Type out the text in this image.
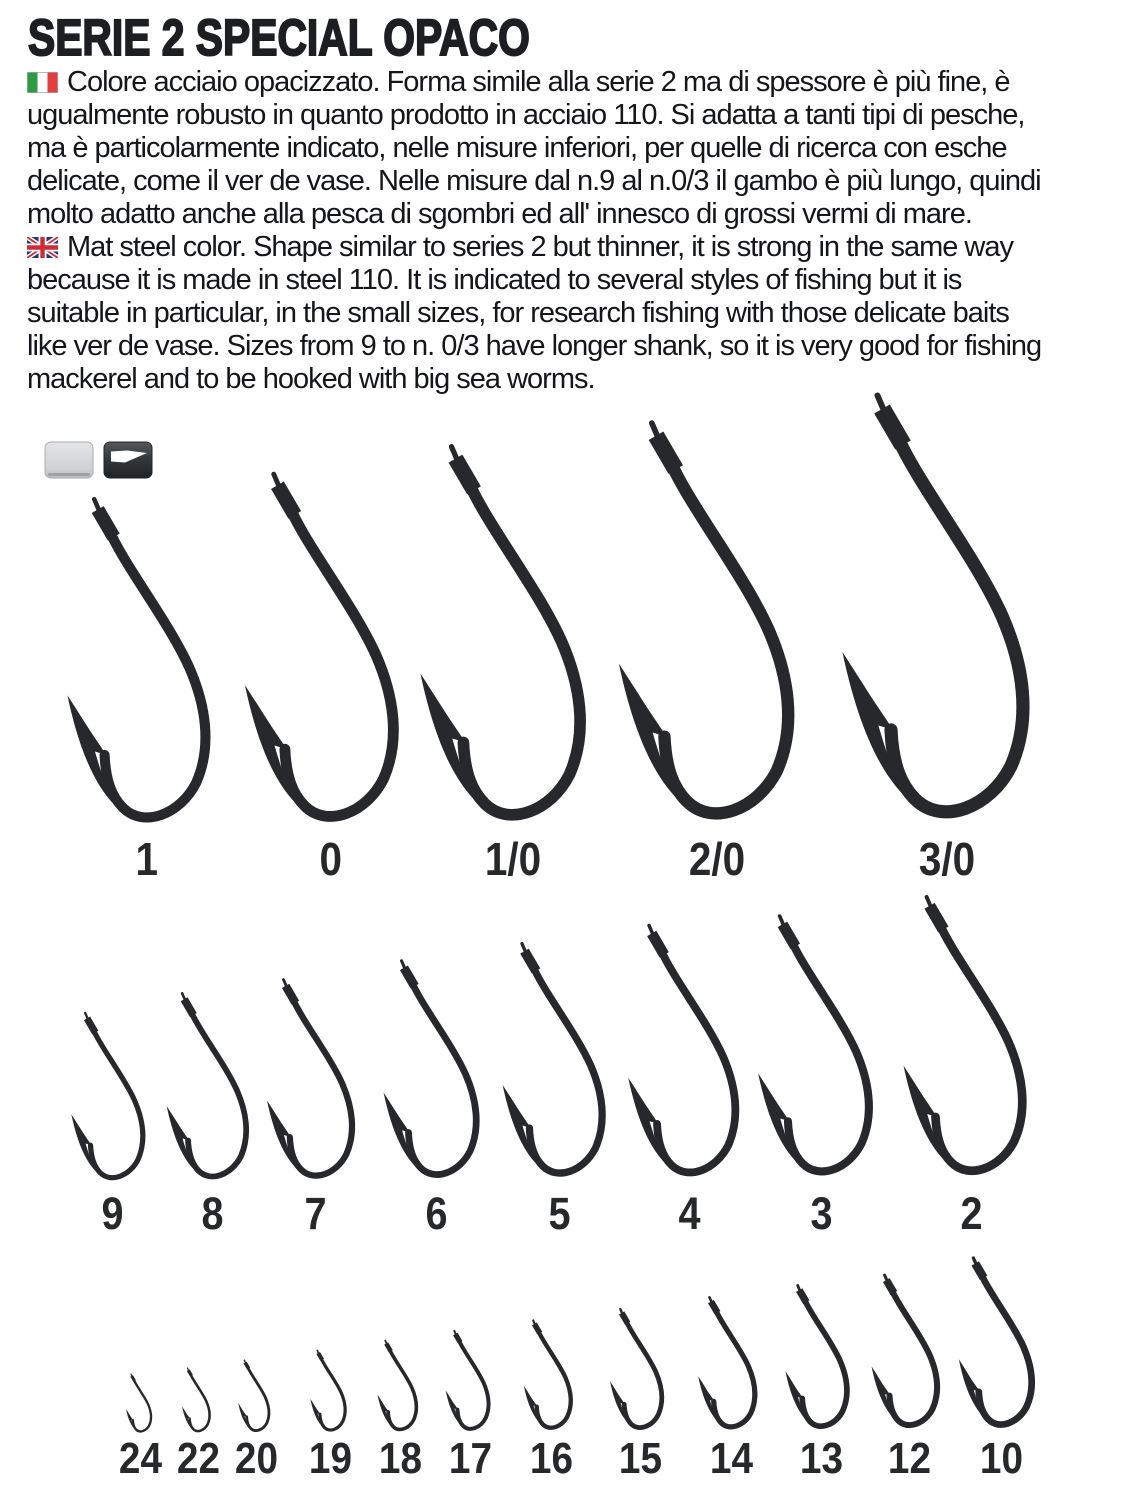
SERIE 2 SPECIAL OPACO

Colore acciaio opacizzato. Forma simile alla serie 2 ma di spessore è più fine, è ugualmente robusto in quanto prodotto in acciaio 110. Si adatta a tanti tipi di pesche, ma è particolarmente indicato, nelle misure inferiori, per quelle di ricerca con esche delicate, come il ver de vase. Nelle misure dal n.9 al n.0/3 il gambo è più lungo, quindi molto adatto anche alla pesca di sgombri ed all' innesco di grossi vermi di mare.

Mat steel color. Shape similar to series 2 but thinner, it is strong in the same way because it is made in steel 110. It is indicated to several styles of fishing but it is suitable in particular, in the small sizes, for research fishing with those delicate baits like ver de vase. Sizes from 9 to n. 0/3 have longer shank, so it is very good for fishing mackerel and to be hooked with big sea worms.

1	0	1/0	2/0	3/0
9 8 7 6 5 4 3	2
24 22 20 19 18 17 16 15 14 13 12 10
